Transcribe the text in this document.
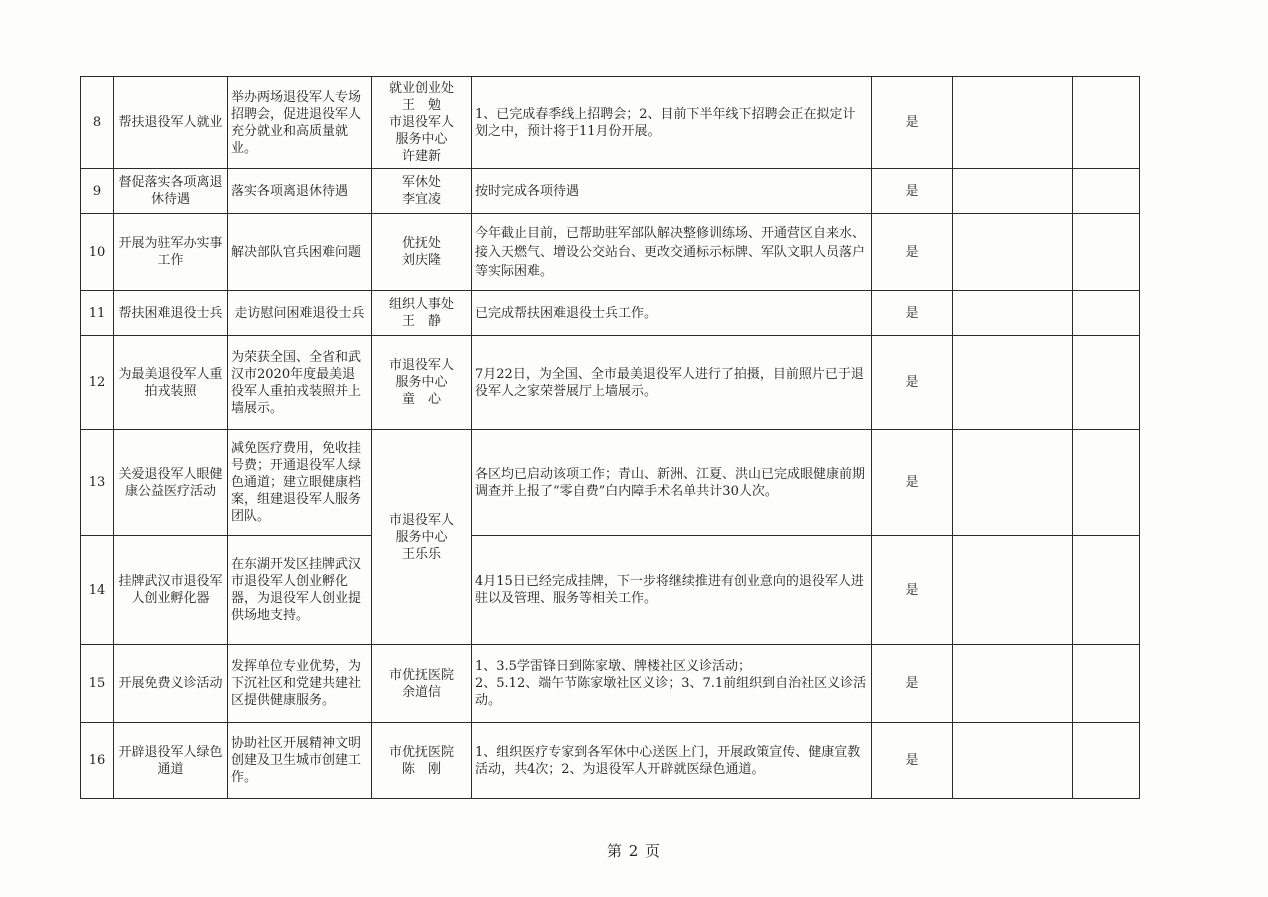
8	帮扶退役军人就业	举办两场退役军人专场招聘会，促进退役军人充分就业和高质量就业。	就业创业处
王　勉
市退役军人
服务中心
许建新	1、已完成春季线上招聘会；2、目前下半年线下招聘会正在拟定计划之中，预计将于11月份开展。	是		
9	督促落实各项离退休待遇	落实各项离退休待遇	军休处
李宜凌	按时完成各项待遇	是		
10	开展为驻军办实事工作	解决部队官兵困难问题	优抚处
刘庆隆	今年截止目前，已帮助驻军部队解决整修训练场、开通营区自来水、接入天燃气、增设公交站台、更改交通标示标牌、军队文职人员落户等实际困难。	是		
11	帮扶困难退役士兵	走访慰问困难退役士兵	组织人事处
王　静	已完成帮扶困难退役士兵工作。	是		
12	为最美退役军人重拍戎装照	为荣获全国、全省和武汉市2020年度最美退役军人重拍戎装照并上墙展示。	市退役军人
服务中心
童　心	7月22日，为全国、全市最美退役军人进行了拍摄，目前照片已于退役军人之家荣誉展厅上墙展示。	是		
13	关爱退役军人眼健康公益医疗活动	减免医疗费用，免收挂号费；开通退役军人绿色通道；建立眼健康档案，组建退役军人服务团队。	市退役军人
服务中心
王乐乐	各区均已启动该项工作；青山、新洲、江夏、洪山已完成眼健康前期调查并上报了“零自费”白内障手术名单共计30人次。	是		
14	挂牌武汉市退役军人创业孵化器	在东湖开发区挂牌武汉市退役军人创业孵化器，为退役军人创业提供场地支持。		4月15日已经完成挂牌，下一步将继续推进有创业意向的退役军人进驻以及管理、服务等相关工作。	是		
15	开展免费义诊活动	发挥单位专业优势，为下沉社区和党建共建社区提供健康服务。	市优抚医院
余道信	1、3.5学雷锋日到陈家墩、牌楼社区义诊活动；
2、5.12、端午节陈家墩社区义诊；3、7.1前组织到自治社区义诊活动。	是		
16	开辟退役军人绿色通道	协助社区开展精神文明创建及卫生城市创建工作。	市优抚医院
陈　刚	1、组织医疗专家到各军休中心送医上门，开展政策宣传、健康宣教活动，共4次；2、为退役军人开辟就医绿色通道。	是		
第 2 页
